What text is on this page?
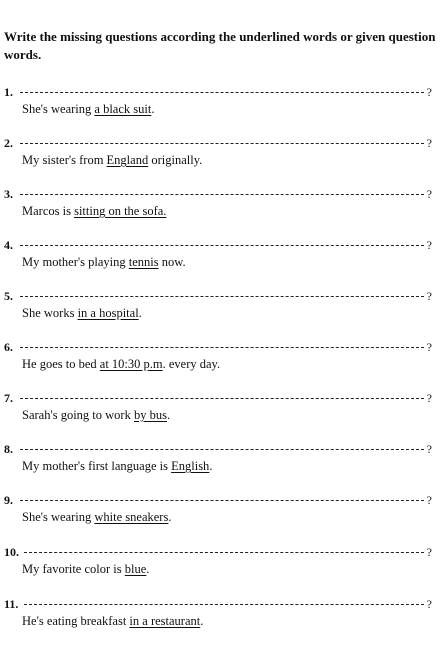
Write the missing questions according the underlined words or given question words.
1.	?
She's wearing a black suit.
2.	?
My sister's from England originally.
3.	?
Marcos is sitting on the sofa.
4.	?
My mother's playing tennis now.
5.	?
She works in a hospital.
6.	?
He goes to bed at 10:30 p.m. every day.
7.	?
Sarah's going to work by bus.
8.	?
My mother's first language is English.
9.	?
She's wearing white sneakers.
10.	?
My favorite color is blue.
11.	?
He's eating breakfast in a restaurant.
